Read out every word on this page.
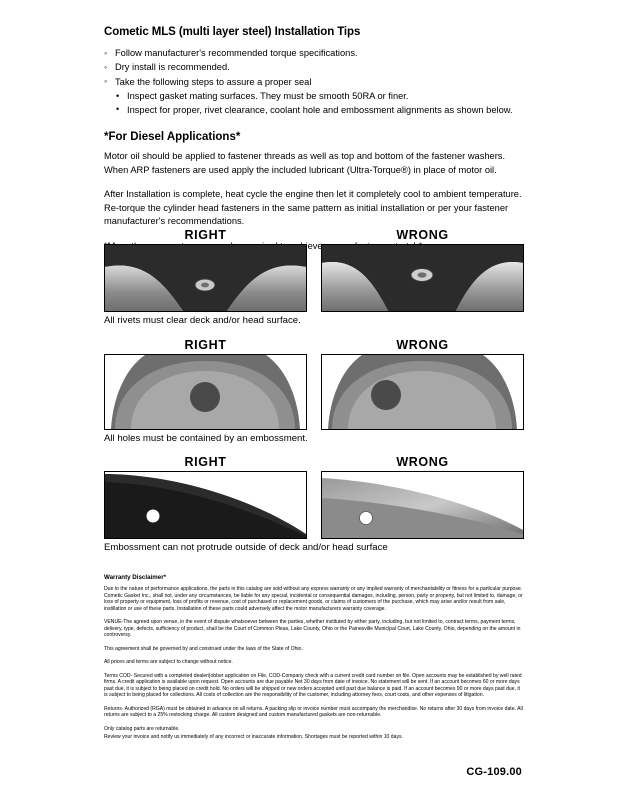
Cometic MLS (multi layer steel) Installation Tips
◦ Follow manufacturer's recommended torque specifications.
◦ Dry install is recommended.
◦ Take the following steps to assure a proper seal
• Inspect gasket mating surfaces. They must be smooth 50RA or finer.
• Inspect for proper, rivet clearance, coolant hole and embossment alignments as shown below.
*For Diesel Applications*

Motor oil should be applied to fastener threads as well as top and bottom of the fastener washers. When ARP fasteners are used apply the included lubricant (Ultra-Torque®) in place of motor oil.

After Installation is complete, heat cycle the engine then let it completely cool to ambient temperature. Re-torque the cylinder head fasteners in the same pattern as initial installation or per your fastener manufacturer's recommendations.

RIGHT	WRONG
All rivets must clear deck and/or head surface.
RIGHT	WRONG
All holes must be contained by an embossment.
RIGHT	WRONG
Embossment can not protrude outside of deck and/or head surface
Warranty Disclaimer*

Due to the nature of performance applications, the parts in this catalog are sold without any express warranty or any implied warranty of merchantability or fitness for a particular purpose. Cometic Gasket Inc., shall not, under any circumstances, be liable for any special, incidental or consequential damages, including, person, party or property, but not limited to, damage, or loss of property or equipment, loss of profits or revenue, cost of purchased or replacement goods, or claims of customers of the purchase, which may arise and/or result from sale, instillation or use of these parts. Installation of these parts could adversely affect the motor manufacturers warranty coverage.

VENUE-The agreed upon venue, in the event of dispute whatsoever between the parties, whether instituted by either party, including, but not limited to, contract terms, payment terms, delivery, type, defects, sufficiency of product, shall be the Court of Common Pleas, Lake County, Ohio or the Painesville Municipal Court, Lake County, Ohio, depending on the amount in controversy.

This agreement shall be governed by and construed under the laws of the State of Ohio.

All prices and terms are subject to change without notice.

Terms COD- Secured with a completed dealer/jobber application on File, COD-Company check with a current credit card number on file. Open accounts may be established by well rated firms. A credit application is available upon request. Open accounts are due payable Net 30 days from date of invoice. No statement will be sent. If an account becomes 60 or more days past due, it is subject to being placed on credit hold. No orders will be shipped or new orders accepted until past due balance is paid. If an account becomes 90 or more days past due, it is subject to being placed for collections. All costs of collection are the responsibility of the customer, including attorney fees, court costs, and other expenses of litigation.

Returns- Authorized (RGA) must be obtained in advance on all returns. A packing slip or invoice number must accompany the merchandise. No returns after 30 days from invoice date. All returns are subject to a 25% restocking charge. All custom designed and custom manufactured gaskets are non-returnable.

Only catalog parts are returnable.

Review your invoice and notify us immediately of any incorrect or inaccurate information. Shortages must be reported within 10 days.

CG-109.00
